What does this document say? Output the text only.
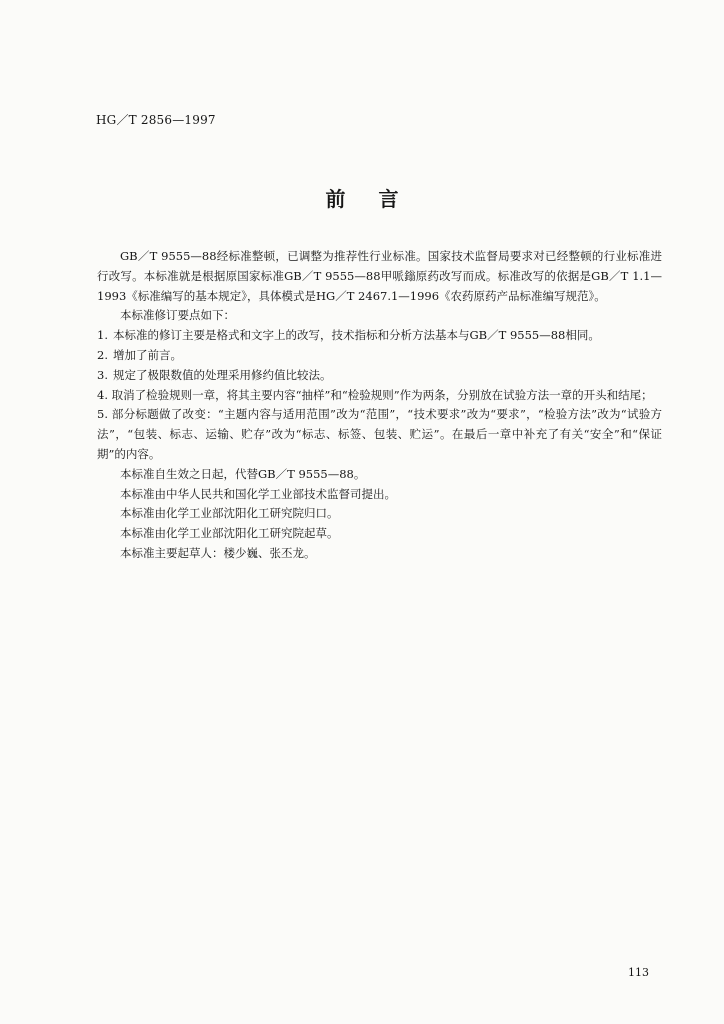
HG／T 2856—1997
前 言

GB／T 9555—88经标准整顿，已调整为推荐性行业标准。国家技术监督局要求对已经整顿的行业标准进行改写。本标准就是根据原国家标准GB／T 9555—88甲哌鎓原药改写而成。标准改写的依据是GB／T 1.1—1993《标准编写的基本规定》，具体模式是HG／T 2467.1—1996《农药原药产品标准编写规范》。

本标准修订要点如下：

1. 本标准的修订主要是格式和文字上的改写，技术指标和分析方法基本与GB／T 9555—88相同。
2. 增加了前言。
3. 规定了极限数值的处理采用修约值比较法。

4. 取消了检验规则一章，将其主要内容“抽样”和“检验规则”作为两条，分别放在试验方法一章的开头和结尾；

5. 部分标题做了改变：“主题内容与适用范围”改为“范围”，“技术要求”改为“要求”，“检验方法”改为“试验方法”，“包装、标志、运输、贮存”改为“标志、标签、包装、贮运”。在最后一章中补充了有关“安全”和“保证期”的内容。

本标准自生效之日起，代替GB／T 9555—88。

本标准由中华人民共和国化学工业部技术监督司提出。

本标准由化学工业部沈阳化工研究院归口。

本标准由化学工业部沈阳化工研究院起草。

本标准主要起草人：楼少巍、张丕龙。

113
